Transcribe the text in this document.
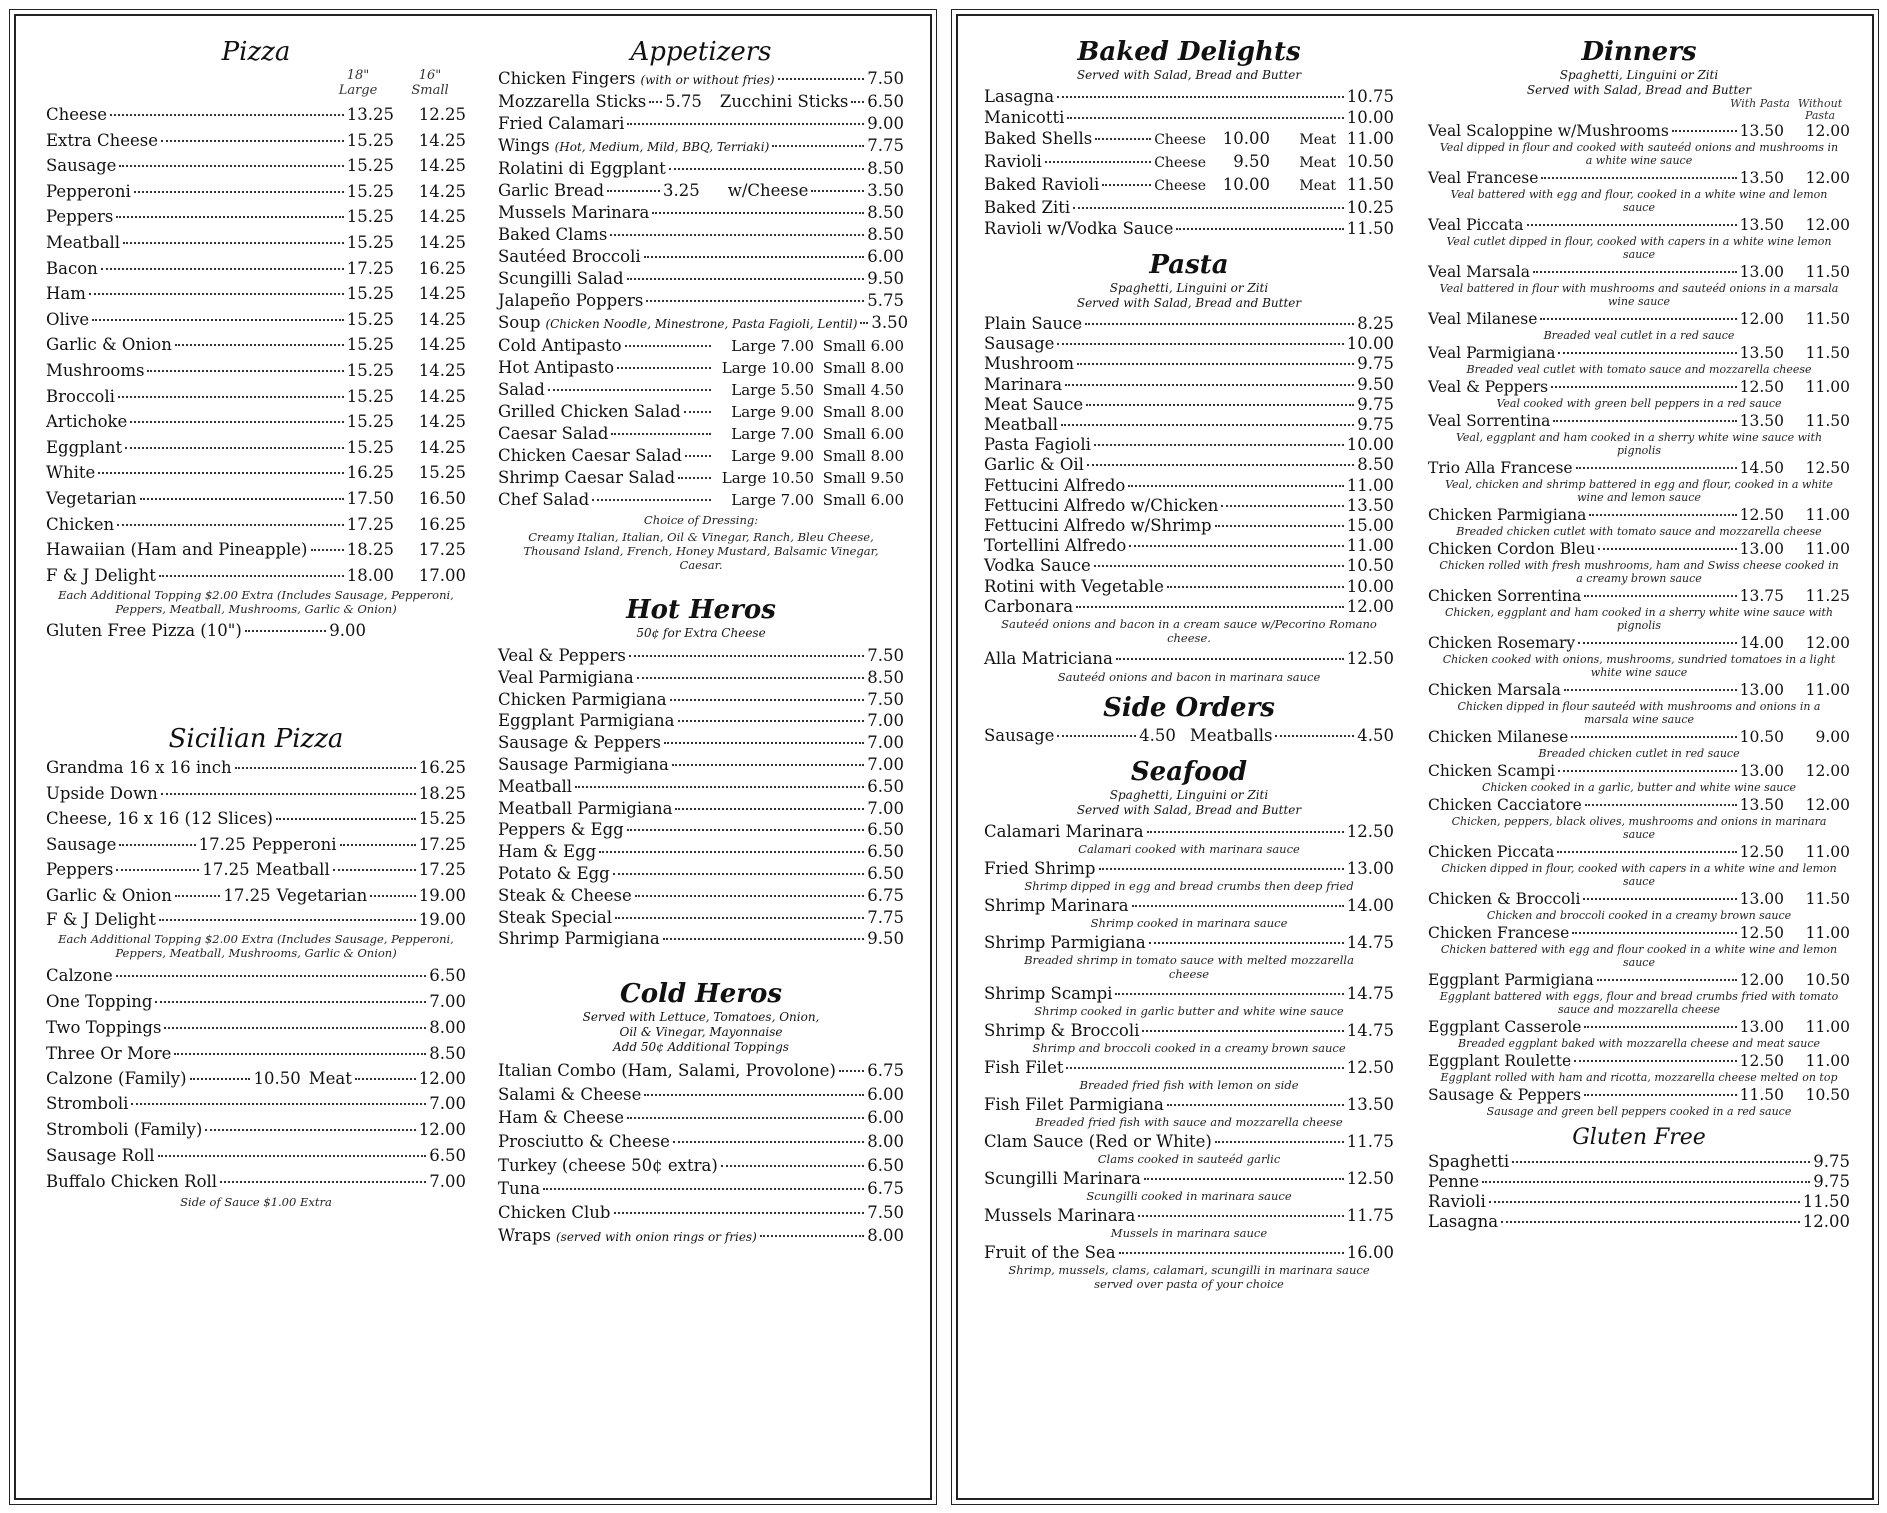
Pizza
18"	16"
Large	Small
Cheese	13.25	12.25
Extra Cheese	15.25	14.25
Sausage	15.25	14.25
Pepperoni	15.25	14.25
Peppers	15.25	14.25
Meatball	15.25	14.25
Bacon	17.25	16.25
Ham	15.25	14.25
Olive	15.25	14.25
Garlic & Onion	15.25	14.25
Mushrooms	15.25	14.25
Broccoli	15.25	14.25
Artichoke	15.25	14.25
Eggplant	15.25	14.25
White	16.25	15.25
Vegetarian	17.50	16.50
Chicken	17.25	16.25
Hawaiian (Ham and Pineapple) 18.25	17.25
F & J Delight	18.00	17.00
Each Additional Topping $2.00 Extra (Includes Sausage, Pepperoni, Peppers, Meatball, Mushrooms, Garlic & Onion)
Gluten Free Pizza (10")	9.00
Sicilian Pizza
Grandma 16 x 16 inch	16.25
Upside Down	18.25
Cheese, 16 x 16 (12 Slices)	15.25
Sausage	17.25 Pepperoni	17.25
Peppers	17.25 Meatball	17.25
Garlic & Onion	17.25 Vegetarian	19.00
F & J Delight	19.00
Each Additional Topping $2.00 Extra (Includes Sausage, Pepperoni, Peppers, Meatball, Mushrooms, Garlic & Onion)
Calzone	6.50
One Topping	7.00
Two Toppings	8.00
Three Or More	8.50
Calzone (Family)	10.50 Meat	12.00
Stromboli	7.00
Stromboli (Family)	12.00
Sausage Roll	6.50
Buffalo Chicken Roll	7.00
Side of Sauce $1.00 Extra
Appetizers
Chicken Fingers (with or without fries)	7.50
Mozzarella Sticks 5.75 Zucchini Sticks 6.50
Fried Calamari	9.00
Wings (Hot, Medium, Mild, BBQ, Terriaki)	7.75
Rolatini di Eggplant	8.50
Garlic Bread	3.25 w/Cheese	3.50
Mussels Marinara	8.50
Baked Clams	8.50
Sautéed Broccoli	6.00
Scungilli Salad	9.50
Jalapeño Poppers	5.75
Soup (Chicken Noodle, Minestrone, Pasta Fagioli, Lentil) 3.50
Cold Antipasto	Large 7.00 Small 6.00
Hot Antipasto	Large 10.00 Small 8.00
Salad	Large 5.50 Small 4.50
Grilled Chicken Salad	Large 9.00 Small 8.00
Caesar Salad	Large 7.00 Small 6.00
Chicken Caesar Salad	Large 9.00 Small 8.00
Shrimp Caesar Salad	Large 10.50 Small 9.50
Chef Salad	Large 7.00 Small 6.00
Choice of Dressing:
Creamy Italian, Italian, Oil & Vinegar, Ranch, Bleu Cheese, Thousand Island, French, Honey Mustard, Balsamic Vinegar, Caesar.
Hot Heros
50¢ for Extra Cheese
Veal & Peppers	7.50
Veal Parmigiana	8.50
Chicken Parmigiana	7.50
Eggplant Parmigiana	7.00
Sausage & Peppers	7.00
Sausage Parmigiana	7.00
Meatball	6.50
Meatball Parmigiana	7.00
Peppers & Egg	6.50
Ham & Egg	6.50
Potato & Egg	6.50
Steak & Cheese	6.75
Steak Special	7.75
Shrimp Parmigiana	9.50
Cold Heros
Served with Lettuce, Tomatoes, Onion,
Oil & Vinegar, Mayonnaise
Add 50¢ Additional Toppings
Italian Combo (Ham, Salami, Provolone) 6.75
Salami & Cheese	6.00
Ham & Cheese	6.00
Prosciutto & Cheese	8.00
Turkey (cheese 50¢ extra)	6.50
Tuna	6.75
Chicken Club	7.50
Wraps (served with onion rings or fries)	8.00
Baked Delights
Served with Salad, Bread and Butter
Lasagna	10.75
Manicotti	10.00
Baked Shells	Cheese	10.00	Meat 11.00
Ravioli	Cheese	9.50	Meat 10.50
Baked Ravioli	Cheese	10.00	Meat 11.50
Baked Ziti	10.25
Ravioli w/Vodka Sauce	11.50
Pasta
Spaghetti, Linguini or Ziti
Served with Salad, Bread and Butter
Plain Sauce	8.25
Sausage	10.00
Mushroom	9.75
Marinara	9.50
Meat Sauce	9.75
Meatball	9.75
Pasta Fagioli	10.00
Garlic & Oil	8.50
Fettucini Alfredo	11.00
Fettucini Alfredo w/Chicken	13.50
Fettucini Alfredo w/Shrimp	15.00
Tortellini Alfredo	11.00
Vodka Sauce	10.50
Rotini with Vegetable	10.00
Carbonara	12.00
Sauteéd onions and bacon in a cream sauce w/Pecorino Romano cheese.
Alla Matriciana	12.50
Sauteéd onions and bacon in marinara sauce
Side Orders
Sausage	4.50 Meatballs	4.50
Seafood
Spaghetti, Linguini or Ziti
Served with Salad, Bread and Butter
Calamari Marinara	12.50
Calamari cooked with marinara sauce
Fried Shrimp	13.00
Shrimp dipped in egg and bread crumbs then deep fried
Shrimp Marinara	14.00
Shrimp cooked in marinara sauce
Shrimp Parmigiana	14.75
Breaded shrimp in tomato sauce with melted mozzarella cheese
Shrimp Scampi	14.75
Shrimp cooked in garlic butter and white wine sauce
Shrimp & Broccoli	14.75
Shrimp and broccoli cooked in a creamy brown sauce
Fish Filet	12.50
Breaded fried fish with lemon on side
Fish Filet Parmigiana	13.50
Breaded fried fish with sauce and mozzarella cheese
Clam Sauce (Red or White)	11.75
Clams cooked in sauteéd garlic
Scungilli Marinara	12.50
Scungilli cooked in marinara sauce
Mussels Marinara	11.75
Mussels in marinara sauce
Fruit of the Sea	16.00
Shrimp, mussels, clams, calamari, scungilli in marinara sauce served over pasta of your choice
Dinners
Spaghetti, Linguini or Ziti
Served with Salad, Bread and Butter
With Pasta Without Pasta
Veal Scaloppine w/Mushrooms	13.50	12.00
Veal dipped in flour and cooked with sauteéd onions and mushrooms in a white wine sauce
Veal Francese	13.50	12.00
Veal battered with egg and flour, cooked in a white wine and lemon sauce
Veal Piccata	13.50	12.00
Veal cutlet dipped in flour, cooked with capers in a white wine lemon sauce
Veal Marsala	13.00	11.50
Veal battered in flour with mushrooms and sauteéd onions in a marsala wine sauce
Veal Milanese	12.00	11.50
Breaded veal cutlet in a red sauce
Veal Parmigiana	13.50	11.50
Breaded veal cutlet with tomato sauce and mozzarella cheese
Veal & Peppers	12.50	11.00
Veal cooked with green bell peppers in a red sauce
Veal Sorrentina	13.50	11.50
Veal, eggplant and ham cooked in a sherry white wine sauce with pignolis
Trio Alla Francese	14.50	12.50
Veal, chicken and shrimp battered in egg and flour, cooked in a white wine and lemon sauce
Chicken Parmigiana	12.50	11.00
Breaded chicken cutlet with tomato sauce and mozzarella cheese
Chicken Cordon Bleu	13.00	11.00
Chicken rolled with fresh mushrooms, ham and Swiss cheese cooked in a creamy brown sauce
Chicken Sorrentina	13.75	11.25
Chicken, eggplant and ham cooked in a sherry white wine sauce with pignolis
Chicken Rosemary	14.00	12.00
Chicken cooked with onions, mushrooms, sundried tomatoes in a light white wine sauce
Chicken Marsala	13.00	11.00
Chicken dipped in flour sauteéd with mushrooms and onions in a marsala wine sauce
Chicken Milanese	10.50	9.00
Breaded chicken cutlet in red sauce
Chicken Scampi	13.00	12.00
Chicken cooked in a garlic, butter and white wine sauce
Chicken Cacciatore	13.50	12.00
Chicken, peppers, black olives, mushrooms and onions in marinara sauce
Chicken Piccata	12.50	11.00
Chicken dipped in flour, cooked with capers in a white wine and lemon sauce
Chicken & Broccoli	13.00	11.50
Chicken and broccoli cooked in a creamy brown sauce
Chicken Francese	12.50	11.00
Chicken battered with egg and flour cooked in a white wine and lemon sauce
Eggplant Parmigiana	12.00	10.50
Eggplant battered with eggs, flour and bread crumbs fried with tomato sauce and mozzarella cheese
Eggplant Casserole	13.00	11.00
Breaded eggplant baked with mozzarella cheese and meat sauce
Eggplant Roulette	12.50	11.00
Eggplant rolled with ham and ricotta, mozzarella cheese melted on top
Sausage & Peppers	11.50	10.50
Sausage and green bell peppers cooked in a red sauce
Gluten Free
Spaghetti	9.75
Penne	9.75
Ravioli	11.50
Lasagna	12.00
